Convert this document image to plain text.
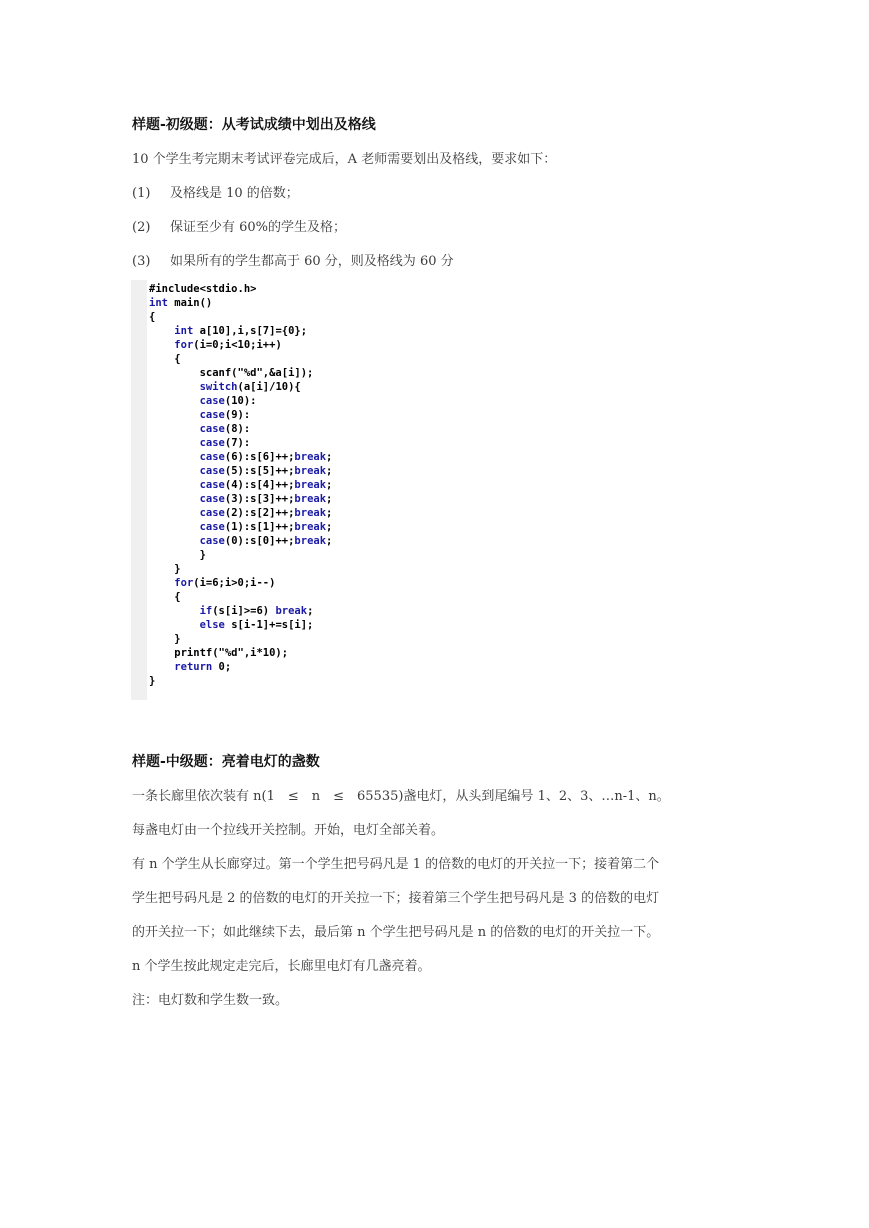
样题-初级题：从考试成绩中划出及格线
10 个学生考完期末考试评卷完成后，A 老师需要划出及格线，要求如下：
(1) 及格线是 10 的倍数；
(2) 保证至少有 60%的学生及格；
(3) 如果所有的学生都高于 60 分，则及格线为 60 分
#include<stdio.h>
int main()
{
int a[10],i,s[7]={0};
for(i=0;i<10;i++)
{
scanf("%d",&a[i]);
switch(a[i]/10){
case(10):
case(9):
case(8):
case(7):
case(6):s[6]++;break;
case(5):s[5]++;break;
case(4):s[4]++;break;
case(3):s[3]++;break;
case(2):s[2]++;break;
case(1):s[1]++;break;
case(0):s[0]++;break;
}
}
for(i=6;i>0;i--)
{
if(s[i]>=6) break;
else s[i-1]+=s[i];
}
printf("%d",i*10);
return 0;
}
样题-中级题：亮着电灯的盏数
一条长廊里依次装有 n(1　≤　n　≤　65535)盏电灯，从头到尾编号 1、2、3、…n-1、n。
每盏电灯由一个拉线开关控制。开始，电灯全部关着。
有 n 个学生从长廊穿过。第一个学生把号码凡是 1 的倍数的电灯的开关拉一下；接着第二个
学生把号码凡是 2 的倍数的电灯的开关拉一下；接着第三个学生把号码凡是 3 的倍数的电灯
的开关拉一下；如此继续下去，最后第 n 个学生把号码凡是 n 的倍数的电灯的开关拉一下。
n 个学生按此规定走完后，长廊里电灯有几盏亮着。
注：电灯数和学生数一致。
